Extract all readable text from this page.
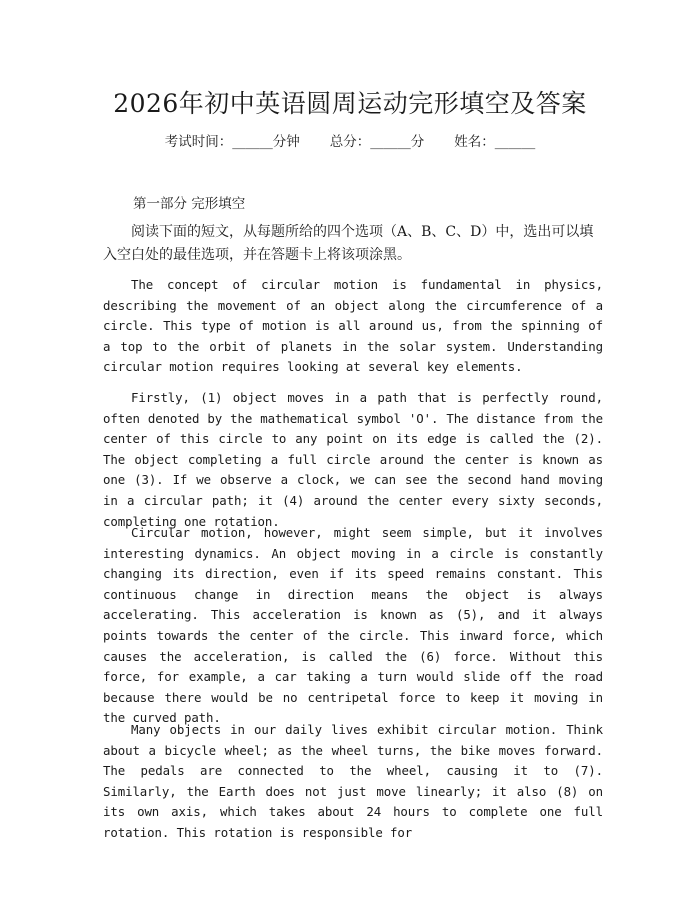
2026年初中英语圆周运动完形填空及答案
考试时间：______分钟 总分：______分 姓名：______
第一部分 完形填空

阅读下面的短文，从每题所给的四个选项（A、B、C、D）中，选出可以填入空白处的最佳选项，并在答题卡上将该项涂黑。

The concept of circular motion is fundamental in physics, describing the movement of an object along the circumference of a circle. This type of motion is all around us, from the spinning of a top to the orbit of planets in the solar system. Understanding circular motion requires looking at several key elements.

Firstly, (1) object moves in a path that is perfectly round, often denoted by the mathematical symbol 'O'. The distance from the center of this circle to any point on its edge is called the (2). The object completing a full circle around the center is known as one (3). If we observe a clock, we can see the second hand moving in a circular path; it (4) around the center every sixty seconds, completing one rotation.

Circular motion, however, might seem simple, but it involves interesting dynamics. An object moving in a circle is constantly changing its direction, even if its speed remains constant. This continuous change in direction means the object is always accelerating. This acceleration is known as (5), and it always points towards the center of the circle. This inward force, which causes the acceleration, is called the (6) force. Without this force, for example, a car taking a turn would slide off the road because there would be no centripetal force to keep it moving in the curved path.

Many objects in our daily lives exhibit circular motion. Think about a bicycle wheel; as the wheel turns, the bike moves forward. The pedals are connected to the wheel, causing it to (7). Similarly, the Earth does not just move linearly; it also (8) on its own axis, which takes about 24 hours to complete one full rotation. This rotation is responsible for
